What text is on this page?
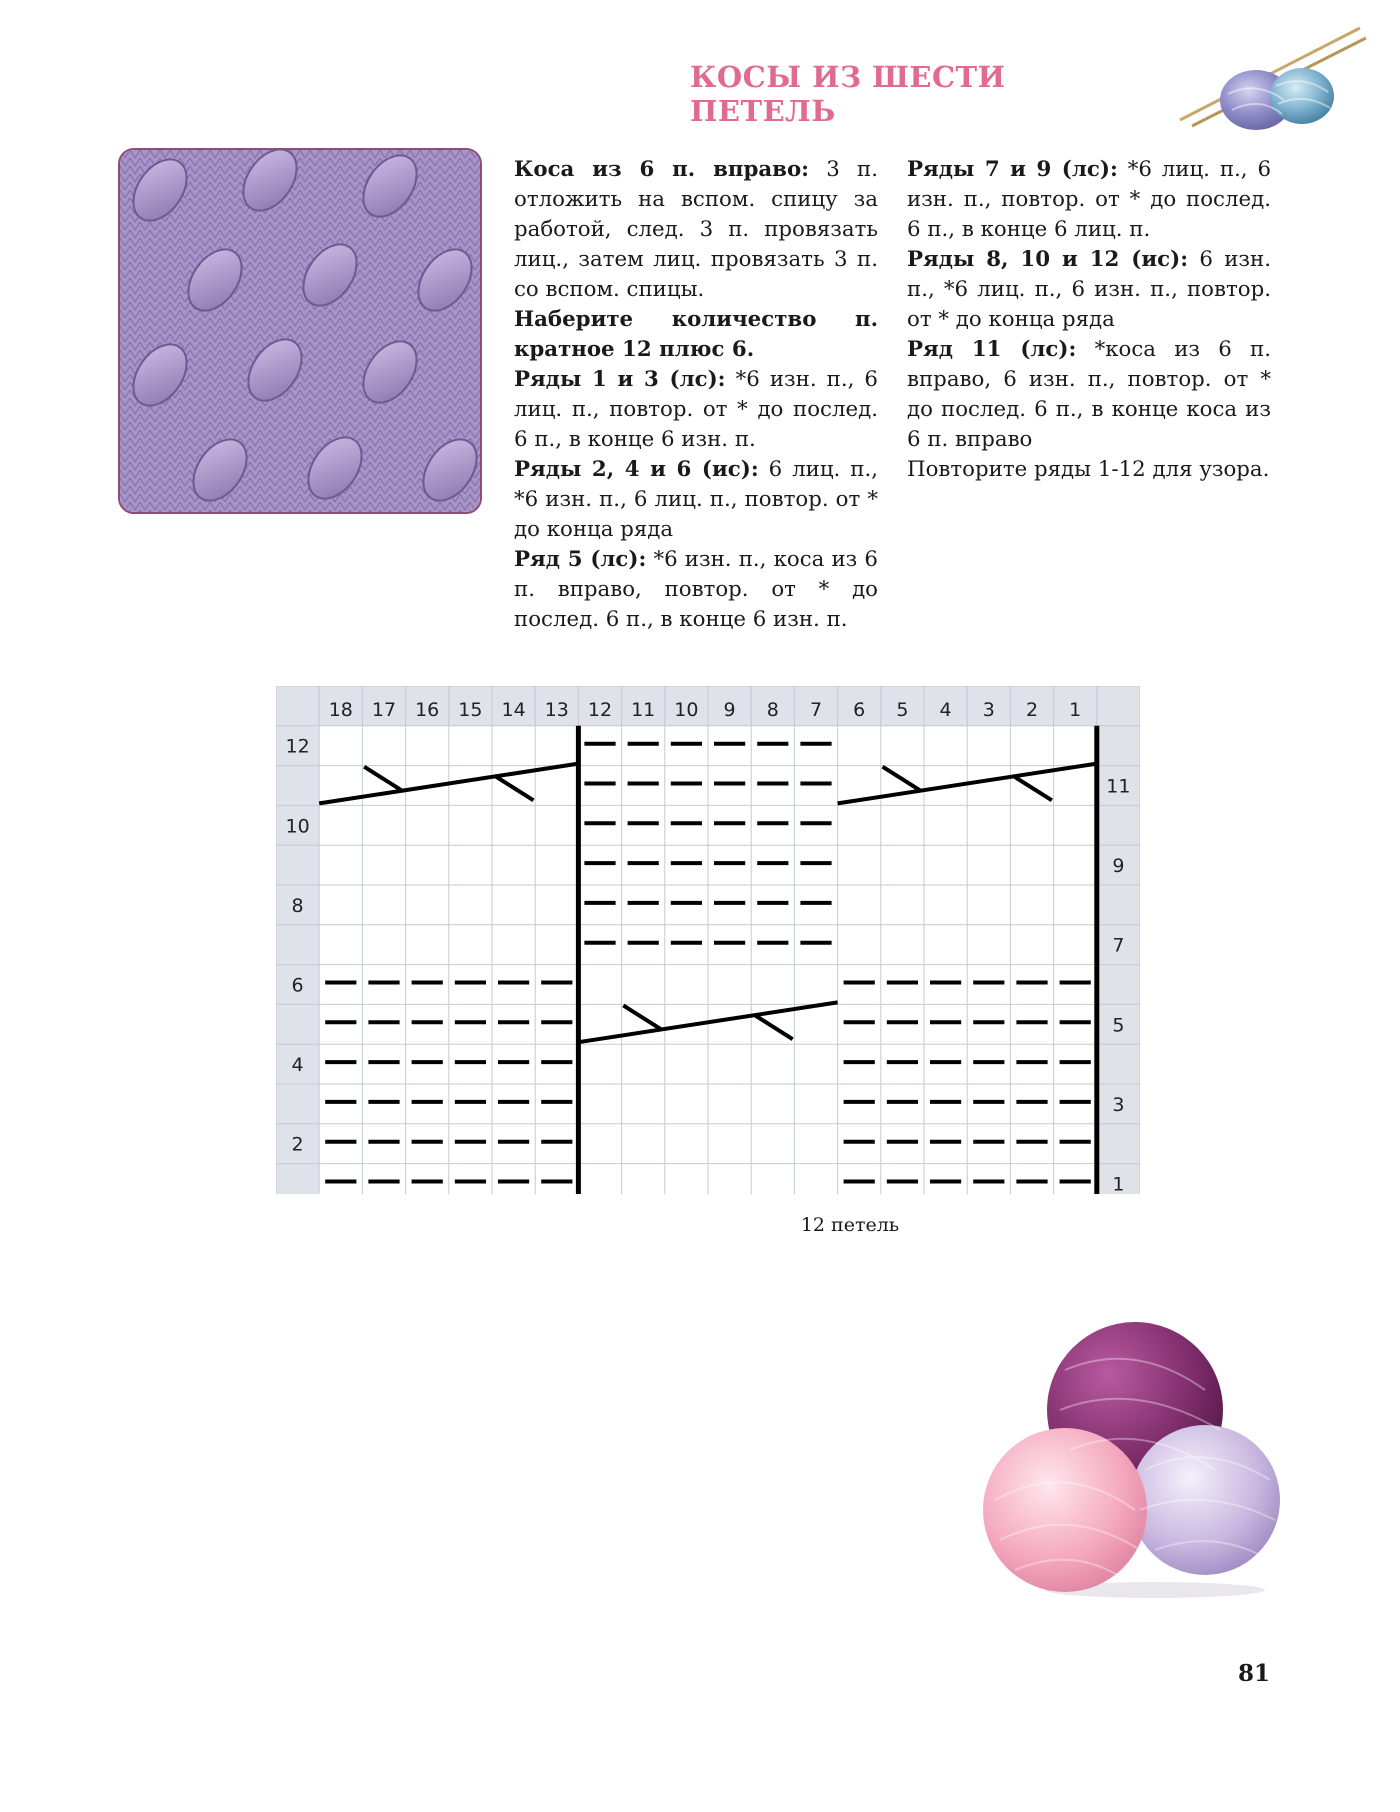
КОСЫ ИЗ ШЕСТИ ПЕТЕЛЬ

Коса из 6 п. вправо: 3 п. отложить на вспом. спицу за работой, след. 3 п. провязать лиц., затем лиц. провязать 3 п. со вспом. спицы.

Наберите количество п. кратное 12 плюс 6.

Ряды 1 и 3 (лс): *6 изн. п., 6 лиц. п., повтор. от * до послед. 6 п., в конце 6 изн. п.

Ряды 2, 4 и 6 (ис): 6 лиц. п., *6 изн. п., 6 лиц. п., повтор. от * до конца ряда

Ряд 5 (лс): *6 изн. п., коса из 6 п. вправо, повтор. от * до послед. 6 п., в конце 6 изн. п.

Ряды 7 и 9 (лс): *6 лиц. п., 6 изн. п., повтор. от * до послед. 6 п., в конце 6 лиц. п.

Ряды 8, 10 и 12 (ис): 6 изн. п., *6 лиц. п., 6 изн. п., повтор. от * до конца ряда

Ряд 11 (лс): *коса из 6 п. вправо, 6 изн. п., повтор. от * до послед. 6 п., в конце коса из 6 п. вправо

Повторите ряды 1-12 для узора.

18 17 16 15 14 13 12 11 10 9 8 7 6 5 4 3 2 1
12
10
8
6
4
2
11
9
7
5
3
1
12 петель
81
